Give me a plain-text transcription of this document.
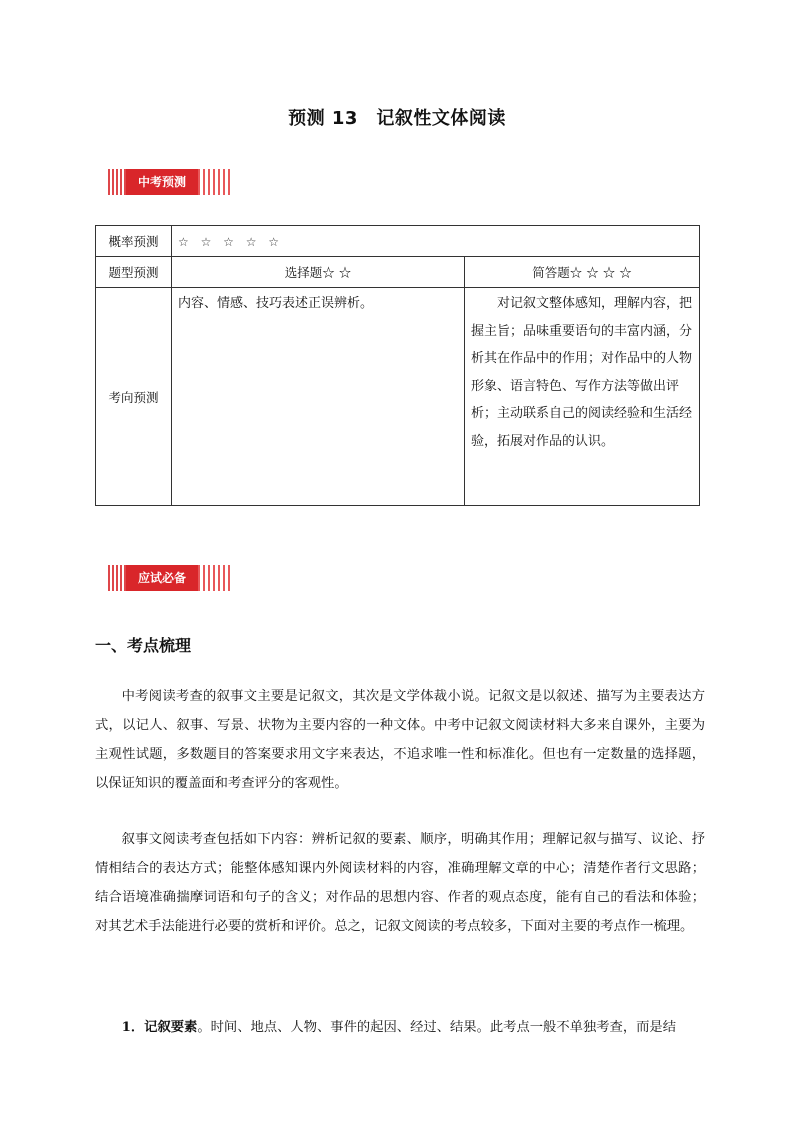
预测 13　记叙性文体阅读
中考预测
概率预测	☆ ☆ ☆ ☆ ☆	
题型预测	选择题☆ ☆	简答题☆ ☆ ☆ ☆
考向预测	内容、情感、技巧表述正误辨析。	对记叙文整体感知，理解内容，把握主旨；品味重要语句的丰富内涵，分析其在作品中的作用；对作品中的人物形象、语言特色、写作方法等做出评析；主动联系自己的阅读经验和生活经验，拓展对作品的认识。

应试必备
一、考点梳理

中考阅读考查的叙事文主要是记叙文，其次是文学体裁小说。记叙文是以叙述、描写为主要表达方式，以记人、叙事、写景、状物为主要内容的一种文体。中考中记叙文阅读材料大多来自课外，主要为主观性试题，多数题目的答案要求用文字来表达，不追求唯一性和标准化。但也有一定数量的选择题，以保证知识的覆盖面和考查评分的客观性。

叙事文阅读考查包括如下内容：辨析记叙的要素、顺序，明确其作用；理解记叙与描写、议论、抒情相结合的表达方式；能整体感知课内外阅读材料的内容，准确理解文章的中心；清楚作者行文思路；结合语境准确揣摩词语和句子的含义；对作品的思想内容、作者的观点态度，能有自己的看法和体验；对其艺术手法能进行必要的赏析和评价。总之，记叙文阅读的考点较多，下面对主要的考点作一梳理。

1．记叙要素。时间、地点、人物、事件的起因、经过、结果。此考点一般不单独考查，而是结
